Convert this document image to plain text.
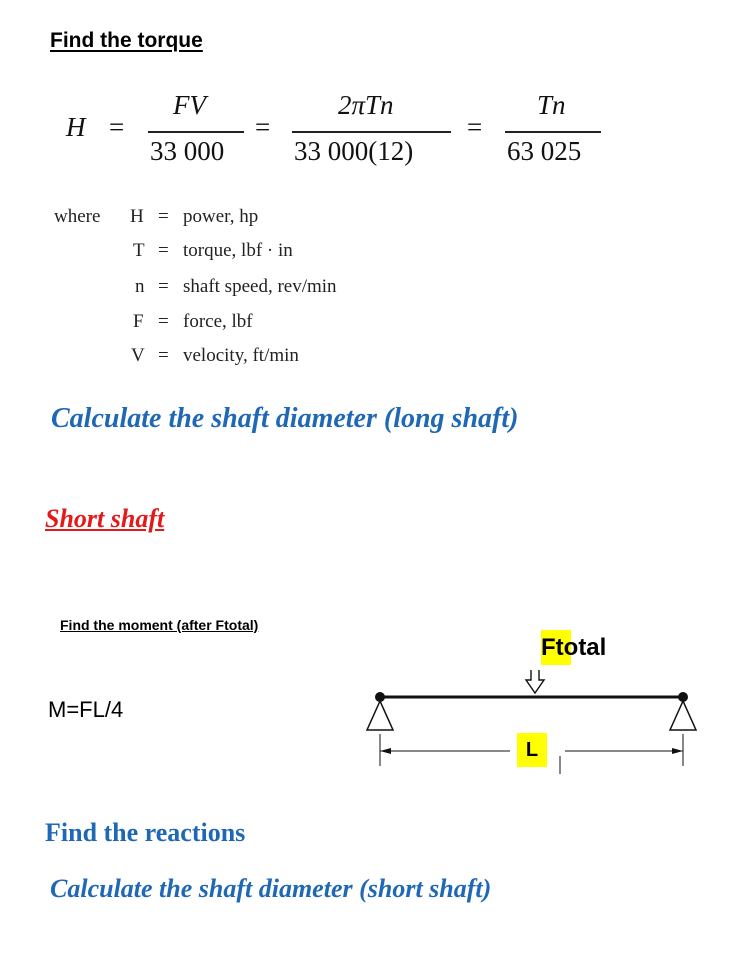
Find the torque
H =
FV
33 000
=
2πTn
33 000(12)
=
Tn
63 025
where H = power, hp
T = torque, lbf · in
n = shaft speed, rev/min
F = force, lbf
V = velocity, ft/min
Calculate the shaft diameter (long shaft)
Short shaft
Find the moment (after Ftotal)
M=FL/4
Ftotal
L
Find the reactions
Calculate the shaft diameter (short shaft)
